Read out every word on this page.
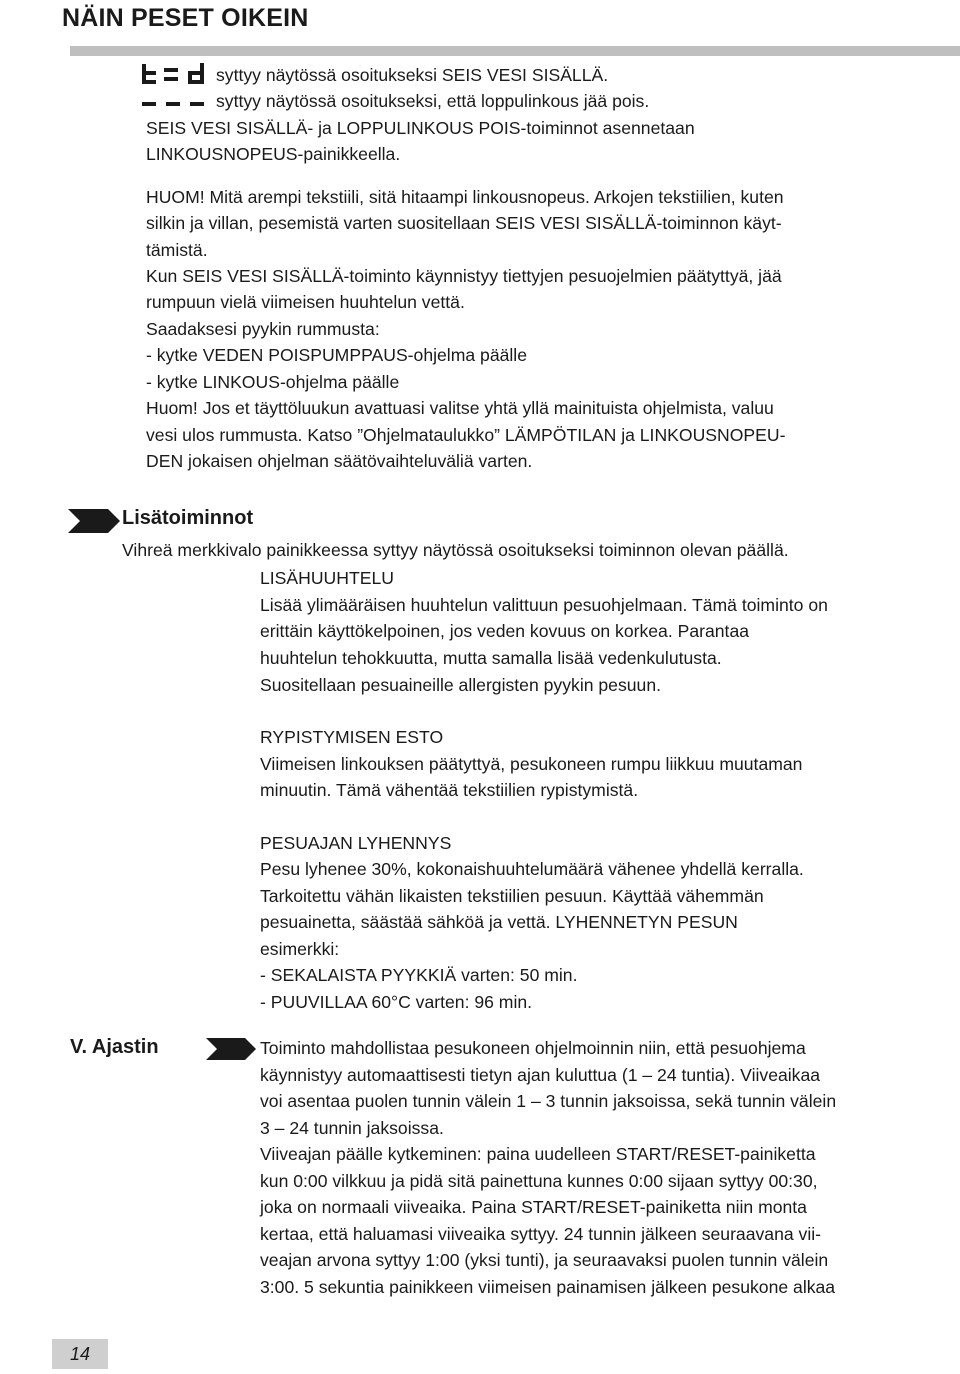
NÄIN PESET OIKEIN
syttyy näytössä osoitukseksi SEIS VESI SISÄLLÄ.
syttyy näytössä osoitukseksi, että loppulinkous jää pois.
SEIS VESI SISÄLLÄ- ja LOPPULINKOUS POIS-toiminnot asennetaan
LINKOUSNOPEUS-painikkeella.
HUOM! Mitä arempi tekstiili, sitä hitaampi linkousnopeus. Arkojen tekstiilien, kuten
silkin ja villan, pesemistä varten suositellaan SEIS VESI SISÄLLÄ-toiminnon käyt-
tämistä.
Kun SEIS VESI SISÄLLÄ-toiminto käynnistyy tiettyjen pesuojelmien päätyttyä, jää
rumpuun vielä viimeisen huuhtelun vettä.
Saadaksesi pyykin rummusta:
- kytke VEDEN POISPUMPPAUS-ohjelma päälle
- kytke LINKOUS-ohjelma päälle
Huom! Jos et täyttöluukun avattuasi valitse yhtä yllä mainituista ohjelmista, valuu
vesi ulos rummusta. Katso ”Ohjelmataulukko” LÄMPÖTILAN ja LINKOUSNOPEU-
DEN jokaisen ohjelman säätövaihteluväliä varten.
Lisätoiminnot
Vihreä merkkivalo painikkeessa syttyy näytössä osoitukseksi toiminnon olevan päällä.
LISÄHUUHTELU
Lisää ylimääräisen huuhtelun valittuun pesuohjelmaan. Tämä toiminto on
erittäin käyttökelpoinen, jos veden kovuus on korkea. Parantaa
huuhtelun tehokkuutta, mutta samalla lisää vedenkulutusta.
Suositellaan pesuaineille allergisten pyykin pesuun.
RYPISTYMISEN ESTO
Viimeisen linkouksen päätyttyä, pesukoneen rumpu liikkuu muutaman
minuutin. Tämä vähentää tekstiilien rypistymistä.
PESUAJAN LYHENNYS
Pesu lyhenee 30%, kokonaishuuhtelumäärä vähenee yhdellä kerralla.
Tarkoitettu vähän likaisten tekstiilien pesuun. Käyttää vähemmän
pesuainetta, säästää sähköä ja vettä. LYHENNETYN PESUN
esimerkki:
- SEKALAISTA PYYKKIÄ varten: 50 min.
- PUUVILLAA 60°C varten: 96 min.
V. Ajastin	Toiminto mahdollistaa pesukoneen ohjelmoinnin niin, että pesuohjema
käynnistyy automaattisesti tietyn ajan kuluttua (1 – 24 tuntia). Viiveaikaa
voi asentaa puolen tunnin välein 1 – 3 tunnin jaksoissa, sekä tunnin välein
3 – 24 tunnin jaksoissa.
Viiveajan päälle kytkeminen: paina uudelleen START/RESET-painiketta
kun 0:00 vilkkuu ja pidä sitä painettuna kunnes 0:00 sijaan syttyy 00:30,
joka on normaali viiveaika. Paina START/RESET-painiketta niin monta
kertaa, että haluamasi viiveaika syttyy. 24 tunnin jälkeen seuraavana vii-
veajan arvona syttyy 1:00 (yksi tunti), ja seuraavaksi puolen tunnin välein
3:00. 5 sekuntia painikkeen viimeisen painamisen jälkeen pesukone alkaa
14
